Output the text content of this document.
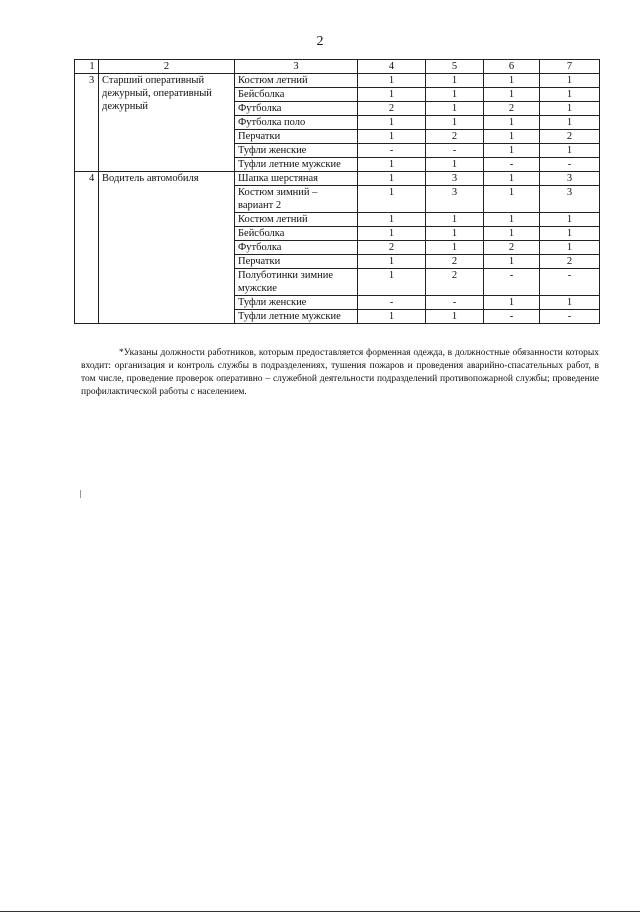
2
1	2	3	4	5	6	7
3	Старший оперативный дежурный, оперативный дежурный	Костюм летний	1	1	1	1
		Бейсболка	1	1	1	1
		Футболка	2	1	2	1
		Футболка поло	1	1	1	1
		Перчатки	1	2	1	2
		Туфли женские	-	-	1	1
		Туфли летние мужские	1	1	-	-
4	Водитель автомобиля	Шапка шерстяная	1	3	1	3
		Костюм зимний – вариант 2	1	3	1	3
		Костюм летний	1	1	1	1
		Бейсболка	1	1	1	1
		Футболка	2	1	2	1
		Перчатки	1	2	1	2
		Полуботинки зимние мужские	1	2	-	-
		Туфли женские	-	-	1	1
		Туфли летние мужские	1	1	-	-
*Указаны должности работников, которым предоставляется форменная одежда, в должностные обязанности которых входит: организация и контроль службы в подразделениях, тушения пожаров и проведения аварийно-спасательных работ, в том числе, проведение проверок оперативно – служебной деятельности подразделений противопожарной службы; проведение профилактической работы с населением.
